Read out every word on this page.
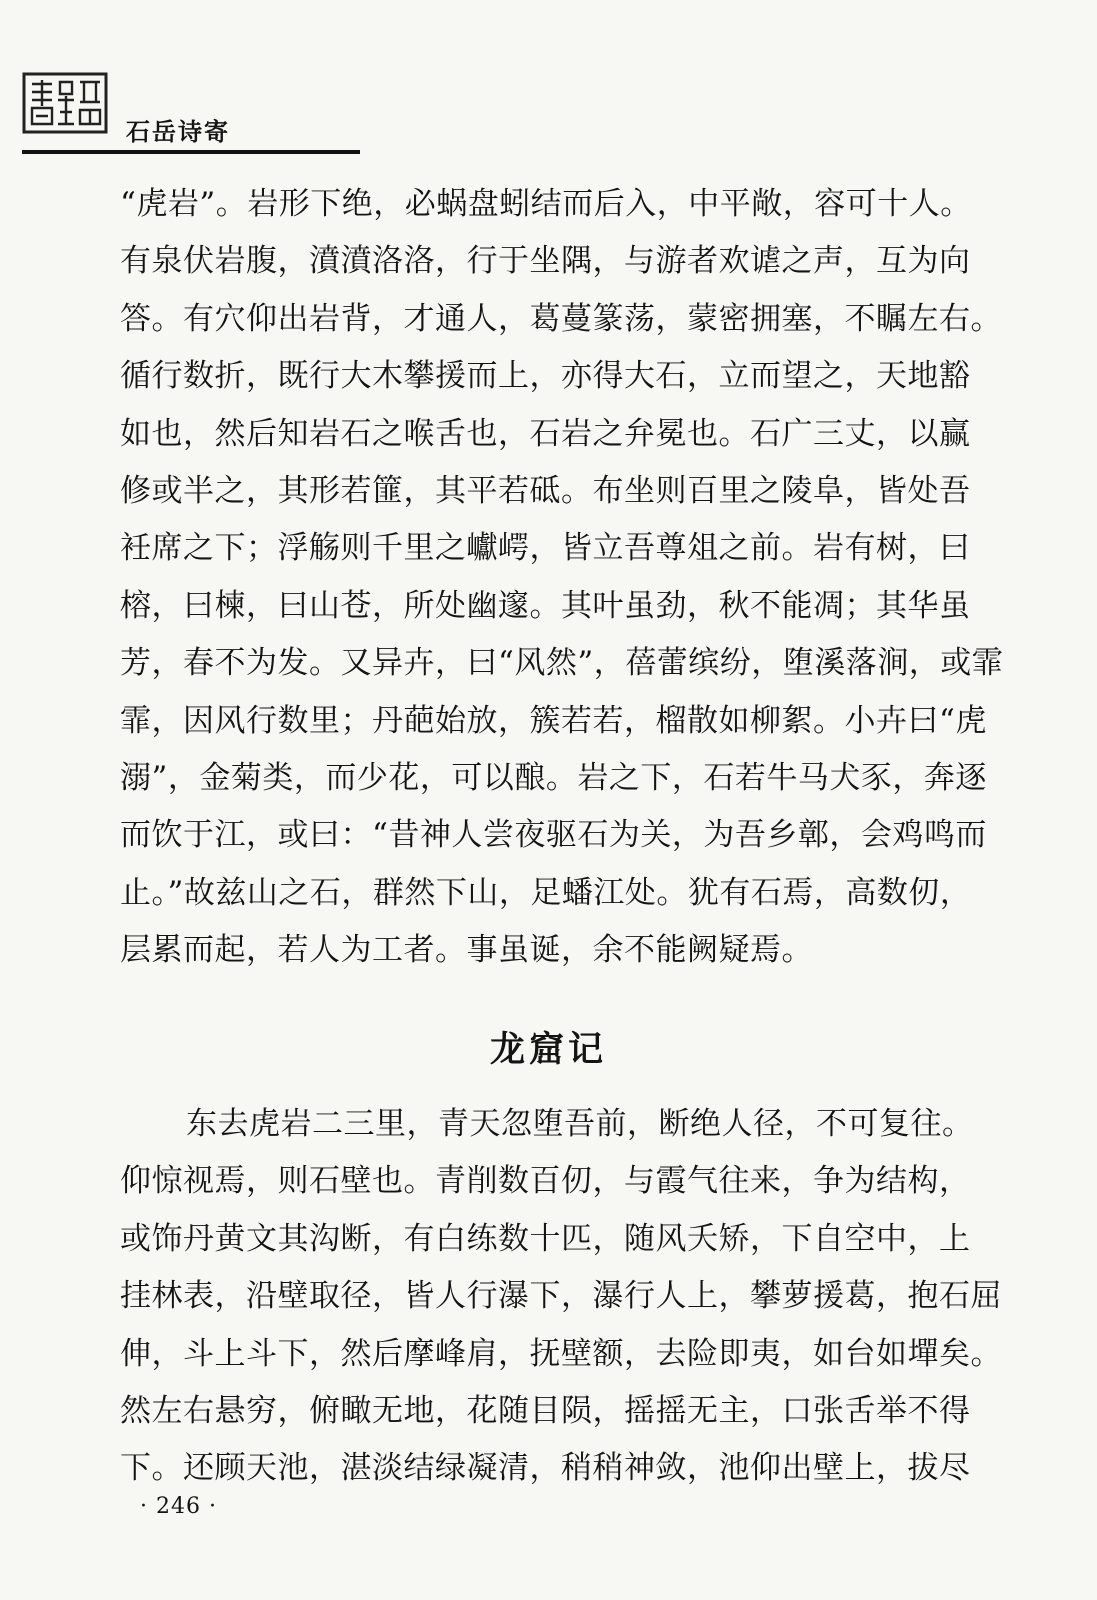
石岳诗寄
“虎岩”。岩形下绝，必蜗盘蚓结而后入，中平敞，容可十人。
有泉伏岩腹，濆濆洛洛，行于坐隅，与游者欢谑之声，互为向
答。有穴仰出岩背，才通人，葛蔓篆荡，蒙密拥塞，不瞩左右。
循行数折，既行大木攀援而上，亦得大石，立而望之，天地豁
如也，然后知岩石之喉舌也，石岩之弁冕也。石广三丈，以赢
修或半之，其形若篚，其平若砥。布坐则百里之陵阜，皆处吾
衽席之下；浮觞则千里之巘崿，皆立吾尊俎之前。岩有树，曰
榕，曰楝，曰山苍，所处幽邃。其叶虽劲，秋不能凋；其华虽
芳，春不为发。又异卉，曰“风然”，蓓蕾缤纷，堕溪落涧，或霏
霏，因风行数里；丹葩始放，簇若若，榴散如柳絮。小卉曰“虎
溺”，金菊类，而少花，可以酿。岩之下，石若牛马犬豕，奔逐
而饮于江，或曰：“昔神人尝夜驱石为关，为吾乡鄣，会鸡鸣而
止。”故兹山之石，群然下山，足蟠江处。犹有石焉，高数仞，
层累而起，若人为工者。事虽诞，余不能阙疑焉。
龙窟记
东去虎岩二三里，青天忽堕吾前，断绝人径，不可复往。
仰惊视焉，则石壁也。青削数百仞，与霞气往来，争为结构，
或饰丹黄文其沟断，有白练数十匹，随风夭矫，下自空中，上
挂林表，沿壁取径，皆人行瀑下，瀑行人上，攀萝援葛，抱石屈
伸，斗上斗下，然后摩峰肩，抚壁额，去险即夷，如台如墠矣。
然左右悬穷，俯瞰无地，花随目陨，摇摇无主，口张舌举不得
下。还顾天池，湛淡结绿凝清，稍稍神敛，池仰出壁上，拔尽
· 246 ·
